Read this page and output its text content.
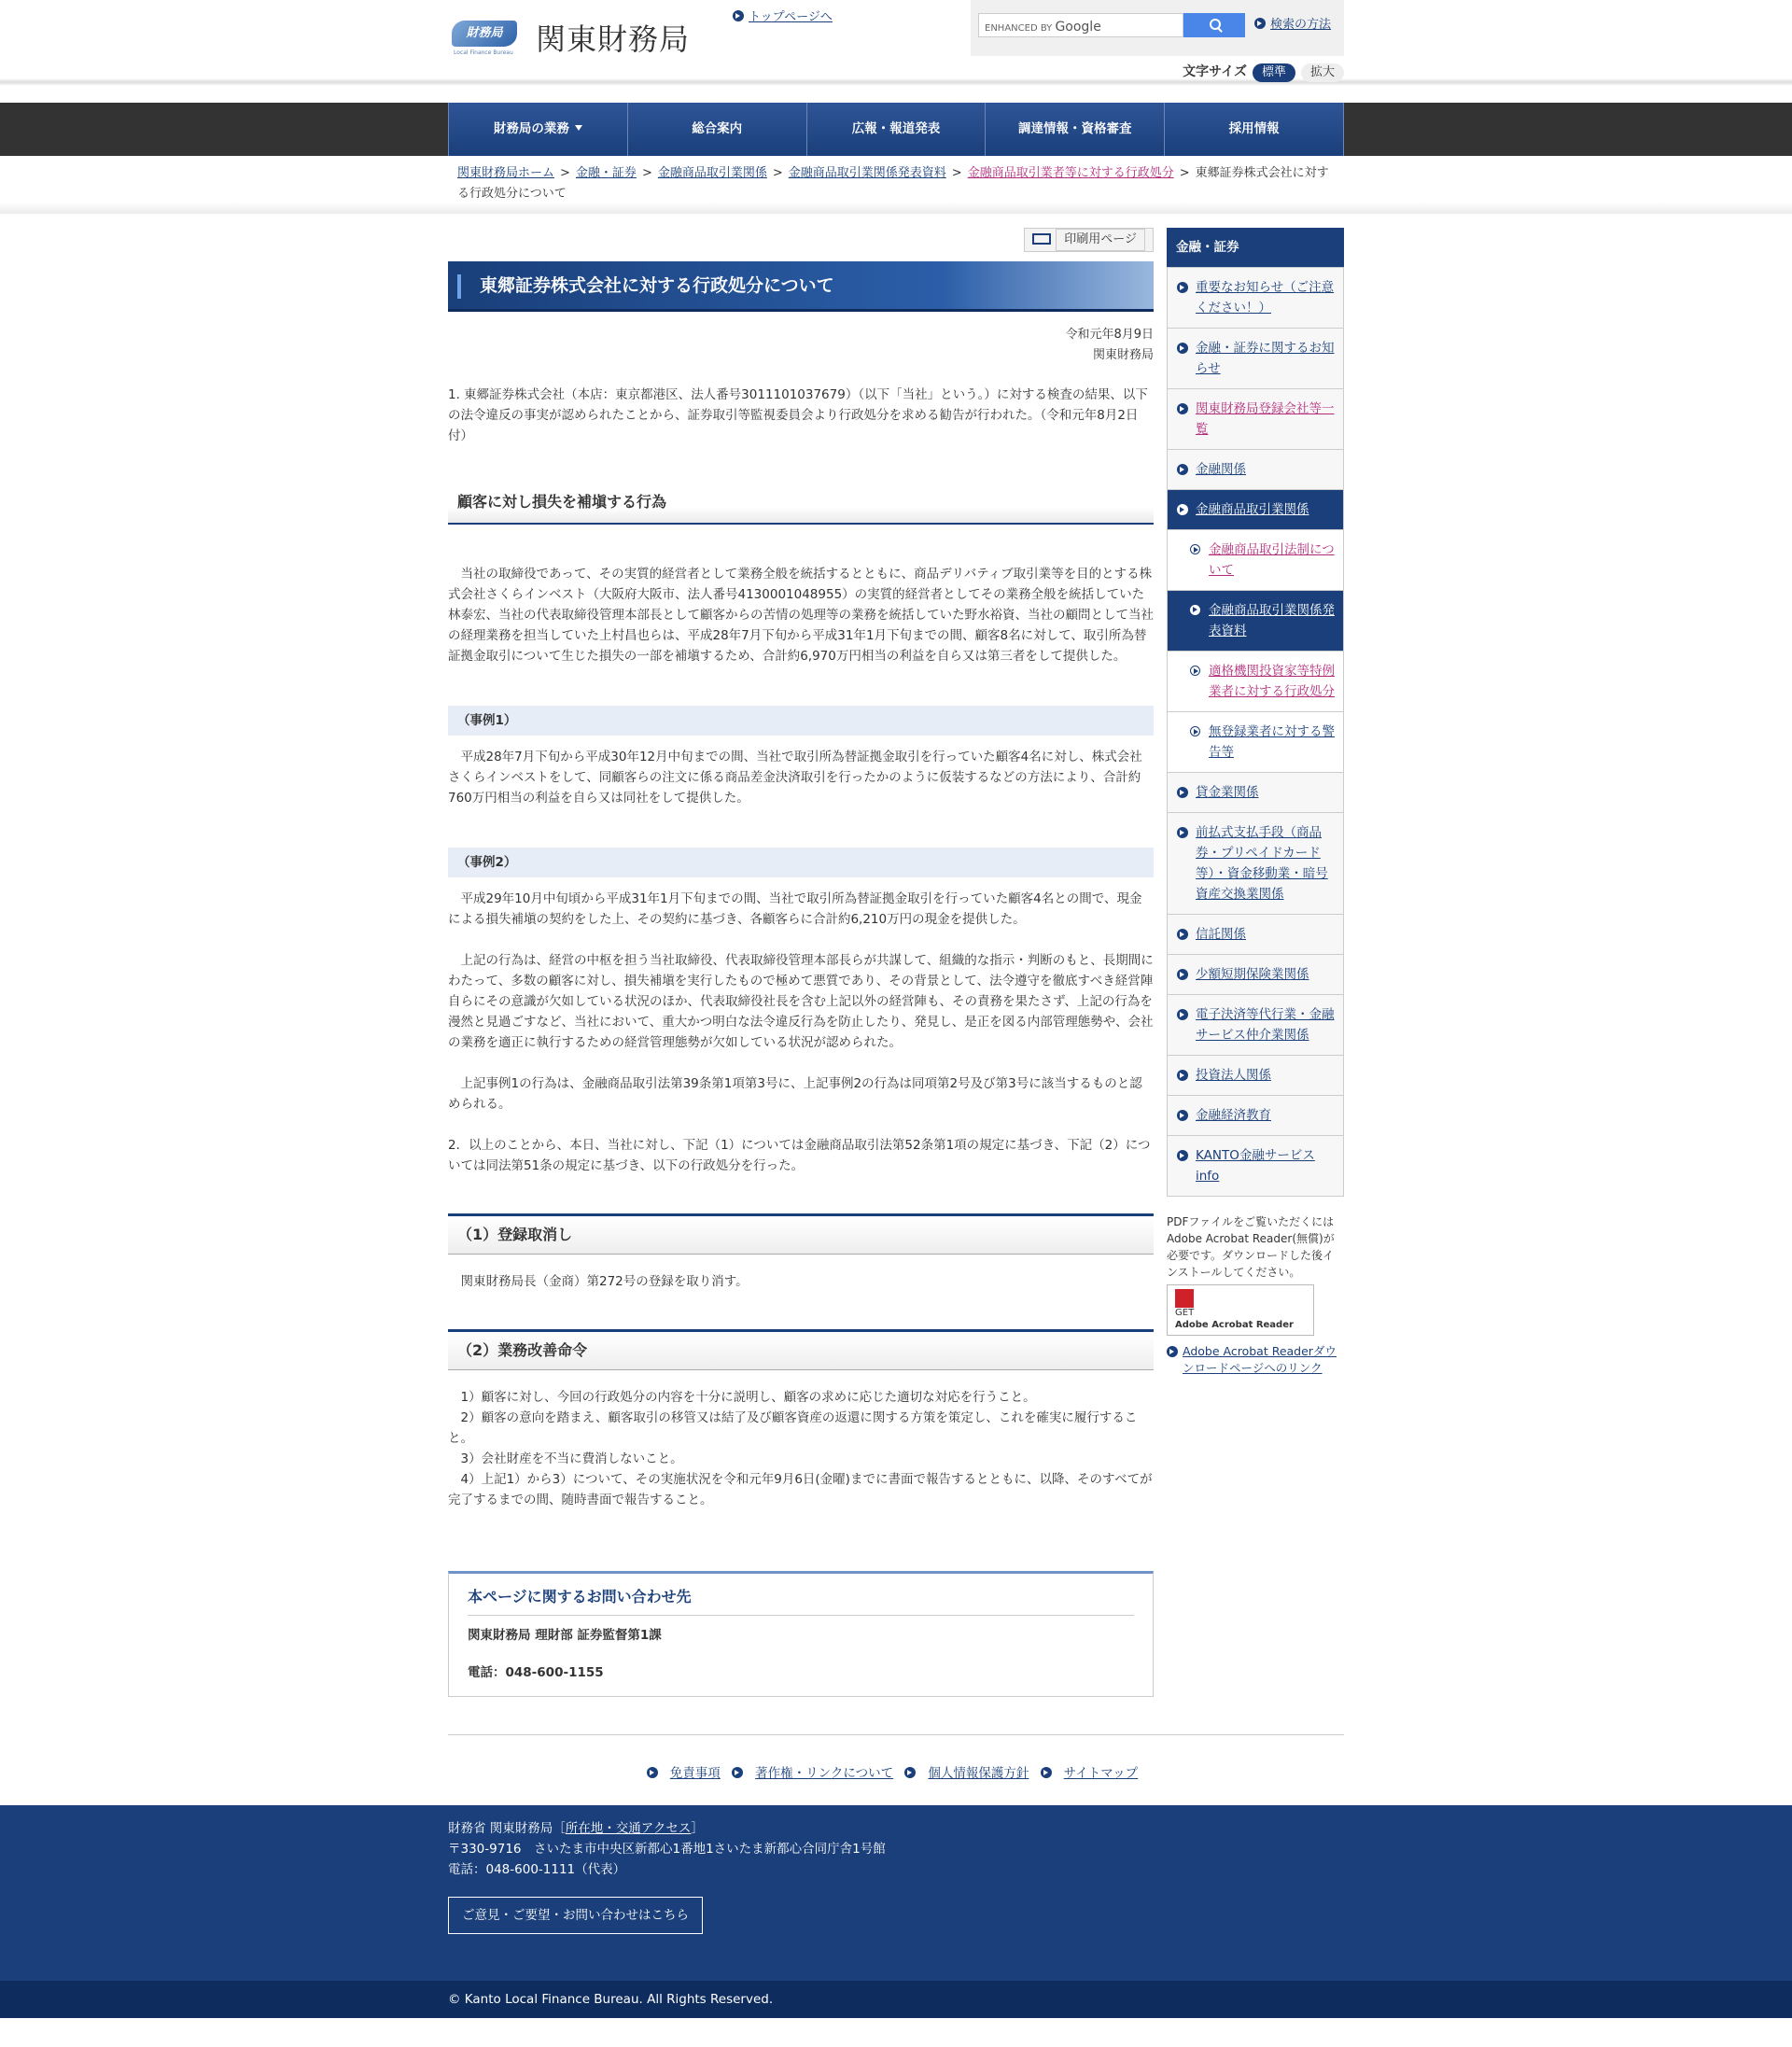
財務局
Local Finance Bureau 関東財務局
トップページへ
ENHANCED BY Google	検索の方法
文字サイズ	標準	拡大
財務局の業務	総合案内	広報・報道発表	調達情報・資格審査	採用情報
関東財務局ホーム > 金融・証券 > 金融商品取引業関係 > 金融商品取引業関係発表資料 > 金融商品取引業者等に対する行政処分 > 東郷証券株式会社に対する行政処分について
印刷用ページ
東郷証券株式会社に対する行政処分について
令和元年8月9日
関東財務局

1. 東郷証券株式会社（本店：東京都港区、法人番号3011101037679）（以下「当社」という。）に対する検査の結果、以下の法令違反の事実が認められたことから、証券取引等監視委員会より行政処分を求める勧告が行われた。（令和元年8月2日付）

顧客に対し損失を補塡する行為

当社の取締役であって、その実質的経営者として業務全般を統括するとともに、商品デリバティブ取引業等を目的とする株式会社さくらインベスト（大阪府大阪市、法人番号4130001048955）の実質的経営者としてその業務全般を統括していた林泰宏、当社の代表取締役管理本部長として顧客からの苦情の処理等の業務を統括していた野水裕資、当社の顧問として当社の経理業務を担当していた上村昌也らは、平成28年7月下旬から平成31年1月下旬までの間、顧客8名に対して、取引所為替証拠金取引について生じた損失の一部を補塡するため、合計約6,970万円相当の利益を自ら又は第三者をして提供した。

（事例1）

平成28年7月下旬から平成30年12月中旬までの間、当社で取引所為替証拠金取引を行っていた顧客4名に対し、株式会社さくらインベストをして、同顧客らの注文に係る商品差金決済取引を行ったかのように仮装するなどの方法により、合計約760万円相当の利益を自ら又は同社をして提供した。

（事例2）

平成29年10月中旬頃から平成31年1月下旬までの間、当社で取引所為替証拠金取引を行っていた顧客4名との間で、現金による損失補塡の契約をした上、その契約に基づき、各顧客らに合計約6,210万円の現金を提供した。

上記の行為は、経営の中枢を担う当社取締役、代表取締役管理本部長らが共謀して、組織的な指示・判断のもと、長期間にわたって、多数の顧客に対し、損失補塡を実行したもので極めて悪質であり、その背景として、法令遵守を徹底すべき経営陣自らにその意識が欠如している状況のほか、代表取締役社長を含む上記以外の経営陣も、その責務を果たさず、上記の行為を漫然と見過ごすなど、当社において、重大かつ明白な法令違反行為を防止したり、発見し、是正を図る内部管理態勢や、会社の業務を適正に執行するための経営管理態勢が欠如している状況が認められた。

上記事例1の行為は、金融商品取引法第39条第1項第3号に、上記事例2の行為は同項第2号及び第3号に該当するものと認められる。

2．以上のことから、本日、当社に対し、下記（1）については金融商品取引法第52条第1項の規定に基づき、下記（2）については同法第51条の規定に基づき、以下の行政処分を行った。

（1）登録取消し

関東財務局長（金商）第272号の登録を取り消す。

（2）業務改善命令

1）顧客に対し、今回の行政処分の内容を十分に説明し、顧客の求めに応じた適切な対応を行うこと。

2）顧客の意向を踏まえ、顧客取引の移管又は結了及び顧客資産の返還に関する方策を策定し、これを確実に履行すること。

3）会社財産を不当に費消しないこと。

4）上記1）から3）について、その実施状況を令和元年9月6日(金曜)までに書面で報告するとともに、以降、そのすべてが完了するまでの間、随時書面で報告すること。

本ページに関するお問い合わせ先

関東財務局 理財部 証券監督第1課

電話：048-600-1155

金融・証券
重要なお知らせ（ご注意ください！）
金融・証券に関するお知らせ
関東財務局登録会社等一覧
金融関係
金融商品取引業関係
金融商品取引法制について
金融商品取引業関係発表資料
適格機関投資家等特例業者に対する行政処分
無登録業者に対する警告等
貸金業関係
前払式支払手段（商品券・プリペイドカード等）・資金移動業・暗号資産交換業関係
信託関係
少額短期保険業関係
電子決済等代行業・金融サービス仲介業関係
投資法人関係
金融経済教育
KANTO金融サービスinfo

PDFファイルをご覧いただくにはAdobe Acrobat Reader(無償)が必要です。ダウンロードした後インストールしてください。

GET
Adobe Acrobat Reader
Adobe Acrobat Readerダウンロードページへのリンク
免責事項	著作権・リンクについて	個人情報保護方針	サイトマップ

財務省 関東財務局［所在地・交通アクセス］

〒330-9716　さいたま市中央区新都心1番地1さいたま新都心合同庁舎1号館

電話：048-600-1111（代表）

ご意見・ご要望・お問い合わせはこちら
© Kanto Local Finance Bureau. All Rights Reserved.
